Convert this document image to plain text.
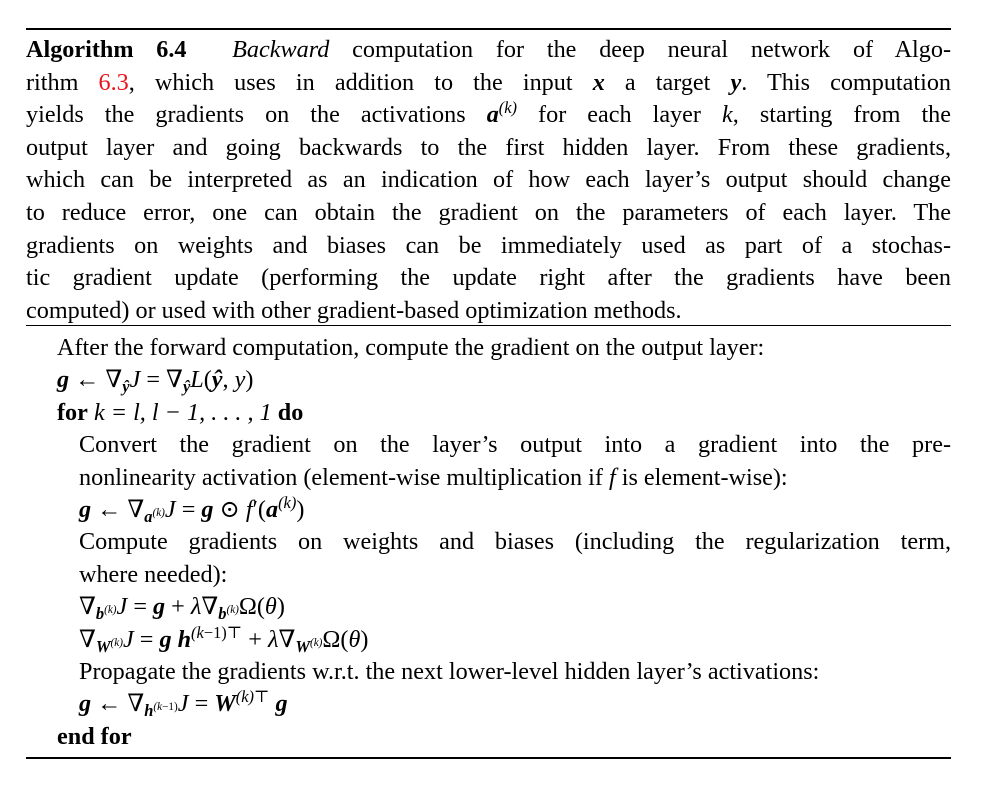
Algorithm 6.4 Backward computation for the deep neural network of Algo-
rithm 6.3, which uses in addition to the input x a target y. This computation
yields the gradients on the activations $a^{(k)}$ for each layer k, starting from the
output layer and going backwards to the first hidden layer. From these gradients,
which can be interpreted as an indication of how each layer’s output should change
to reduce error, one can obtain the gradient on the parameters of each layer. The
gradients on weights and biases can be immediately used as part of a stochas-
tic gradient update (performing the update right after the gradients have been
computed) or used with other gradient-based optimization methods.
After the forward computation, compute the gradient on the output layer:
g ← $\nabla_ŷJ$ = $\nabla_ŷL(ŷ$, y)
for k = l, l − 1, . . . , 1 do
Convert the gradient on the layer’s output into a gradient into the pre-
nonlinearity activation (element-wise multiplication if f is element-wise):
g ← $\nabla_{a^{(k)}}J = g$ ⊙ $f'(a^{(k)})$
Compute gradients on weights and biases (including the regularization term,
where needed):
$\nabla_{b^{(k)}}J = g + \lambda\nabla_{b^{(k)}}\Omega(\theta)$
$\nabla_{W^{(k)}}J = g$ $h^{(k-1)⊤} + \lambda\nabla_{W^{(k)}}\Omega(\theta)$
Propagate the gradients w.r.t. the next lower-level hidden layer’s activations:
g ← $\nabla_{h^{(k-1)}}J = W^{(k)⊤}$ g
end for
